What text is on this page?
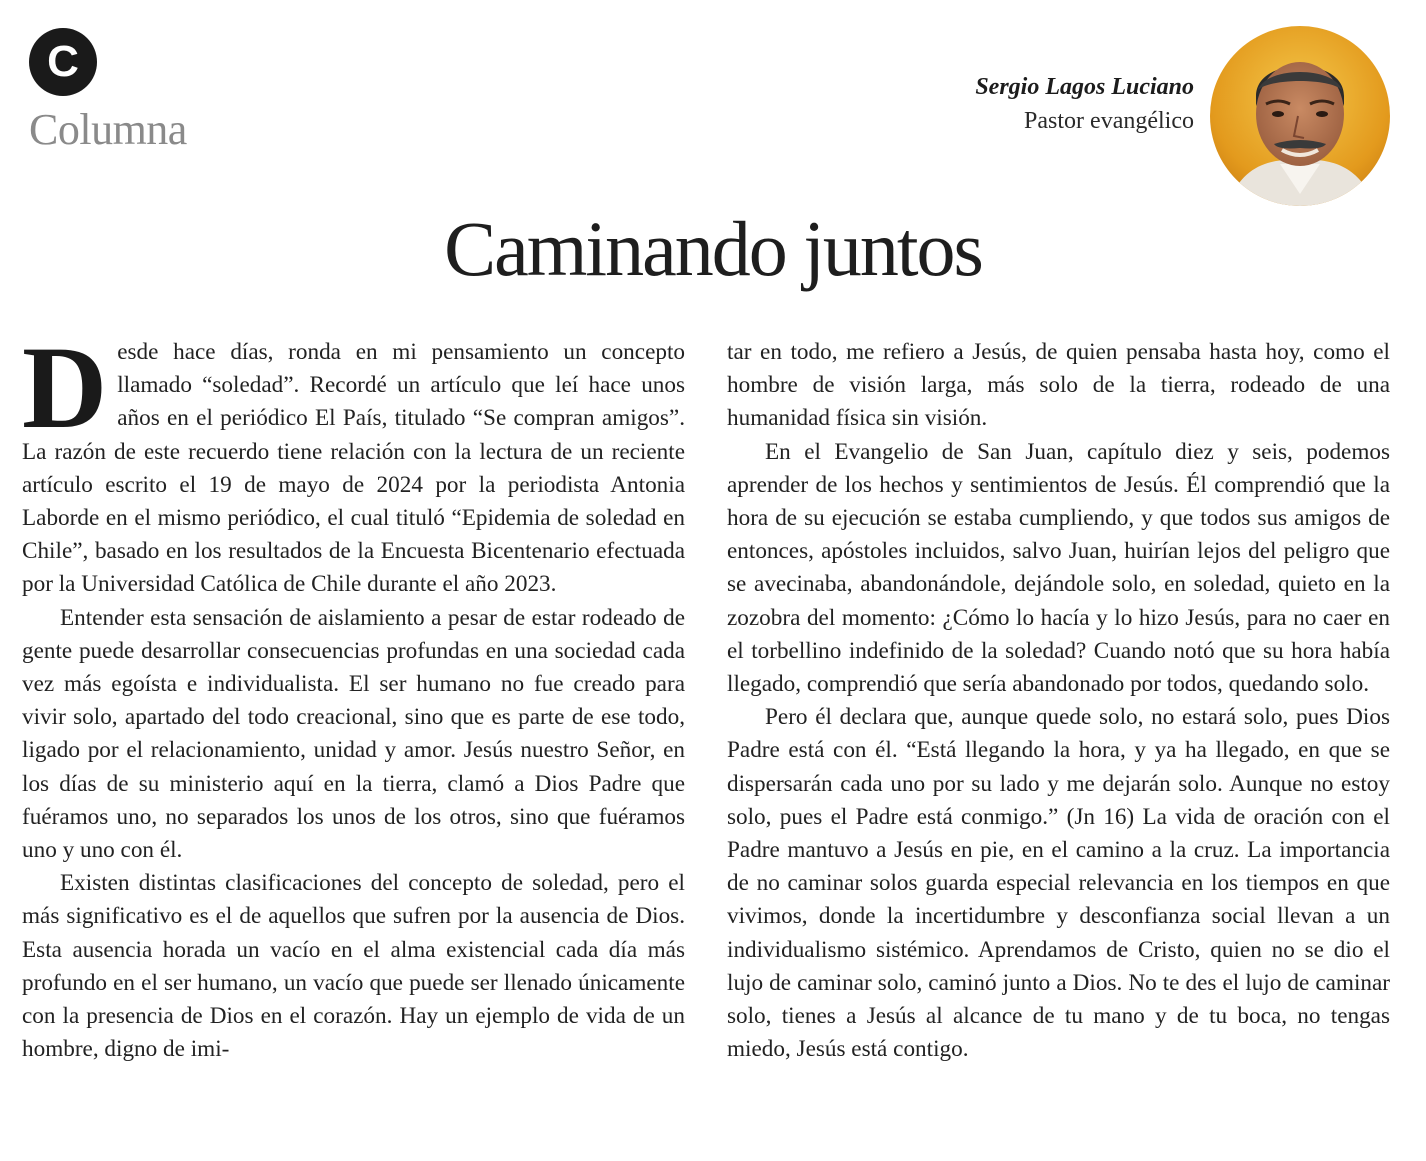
C
Columna
Sergio Lagos Luciano
Pastor evangélico
Caminando juntos

Desde hace días, ronda en mi pensamiento un concepto llamado “soledad”. Recordé un artículo que leí hace unos años en el periódico El País, titulado “Se compran amigos”. La razón de este recuerdo tiene relación con la lectura de un reciente artículo escrito el 19 de mayo de 2024 por la periodista Antonia Laborde en el mismo periódico, el cual tituló “Epidemia de soledad en Chile”, basado en los resultados de la Encuesta Bicentenario efectuada por la Universidad Católica de Chile durante el año 2023.

Entender esta sensación de aislamiento a pesar de estar rodeado de gente puede desarrollar consecuencias profundas en una sociedad cada vez más egoísta e individualista. El ser humano no fue creado para vivir solo, apartado del todo creacional, sino que es parte de ese todo, ligado por el relacionamiento, unidad y amor. Jesús nuestro Señor, en los días de su ministerio aquí en la tierra, clamó a Dios Padre que fuéramos uno, no separados los unos de los otros, sino que fuéramos uno y uno con él.

Existen distintas clasificaciones del concepto de soledad, pero el más significativo es el de aquellos que sufren por la ausencia de Dios. Esta ausencia horada un vacío en el alma existencial cada día más profundo en el ser humano, un vacío que puede ser llenado únicamente con la presencia de Dios en el corazón. Hay un ejemplo de vida de un hombre, digno de imi-

tar en todo, me refiero a Jesús, de quien pensaba hasta hoy, como el hombre de visión larga, más solo de la tierra, rodeado de una humanidad física sin visión.

En el Evangelio de San Juan, capítulo diez y seis, podemos aprender de los hechos y sentimientos de Jesús. Él comprendió que la hora de su ejecución se estaba cumpliendo, y que todos sus amigos de entonces, apóstoles incluidos, salvo Juan, huirían lejos del peligro que se avecinaba, abandonándole, dejándole solo, en soledad, quieto en la zozobra del momento: ¿Cómo lo hacía y lo hizo Jesús, para no caer en el torbellino indefinido de la soledad? Cuando notó que su hora había llegado, comprendió que sería abandonado por todos, quedando solo.

Pero él declara que, aunque quede solo, no estará solo, pues Dios Padre está con él. “Está llegando la hora, y ya ha llegado, en que se dispersarán cada uno por su lado y me dejarán solo. Aunque no estoy solo, pues el Padre está conmigo.” (Jn 16) La vida de oración con el Padre mantuvo a Jesús en pie, en el camino a la cruz. La importancia de no caminar solos guarda especial relevancia en los tiempos en que vivimos, donde la incertidumbre y desconfianza social llevan a un individualismo sistémico. Aprendamos de Cristo, quien no se dio el lujo de caminar solo, caminó junto a Dios. No te des el lujo de caminar solo, tienes a Jesús al alcance de tu mano y de tu boca, no tengas miedo, Jesús está contigo.
